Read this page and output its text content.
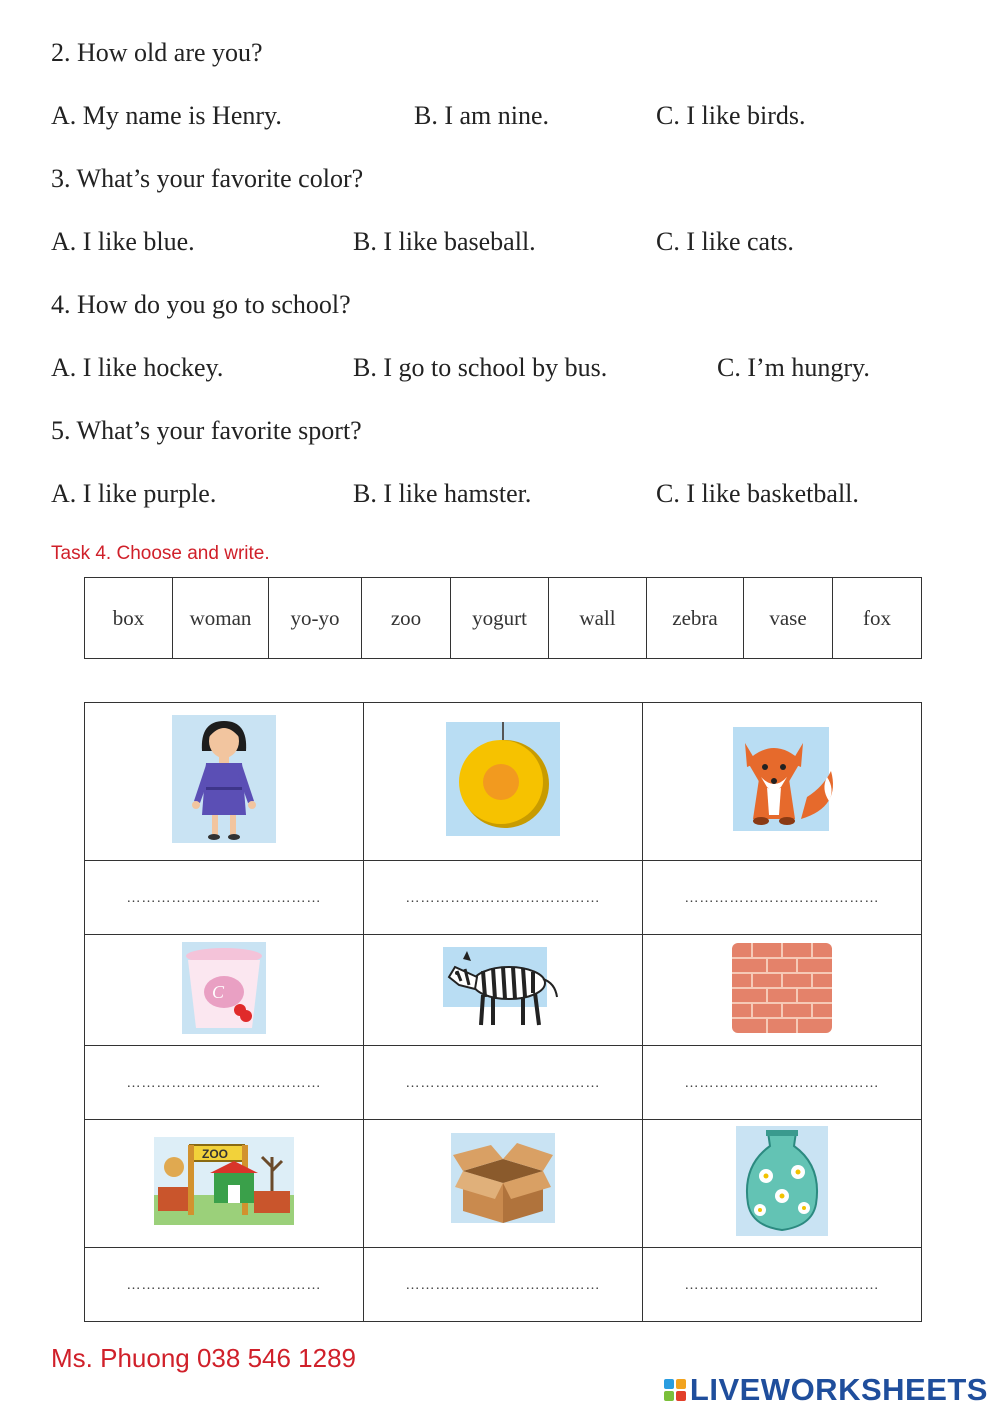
2. How old are you?
A. My name is Henry.	B. I am nine.	C. I like birds.
3. What’s your favorite color?
A. I like blue.	B. I like baseball.	C. I like cats.
4. How do you go to school?
A. I like hockey.	B. I go to school by bus.	C. I’m hungry.
5. What’s your favorite sport?
A. I like purple.	B. I like hamster.	C. I like basketball.
Task 4. Choose and write.
box	woman	yo-yo	zoo	yogurt	wall	zebra	vase	fox

…………………………………	…………………………………	…………………………………

C

…………………………………	…………………………………	…………………………………

ZOO

…………………………………	…………………………………	…………………………………
Ms. Phuong 038 546 1289
LIVEWORKSHEETS
